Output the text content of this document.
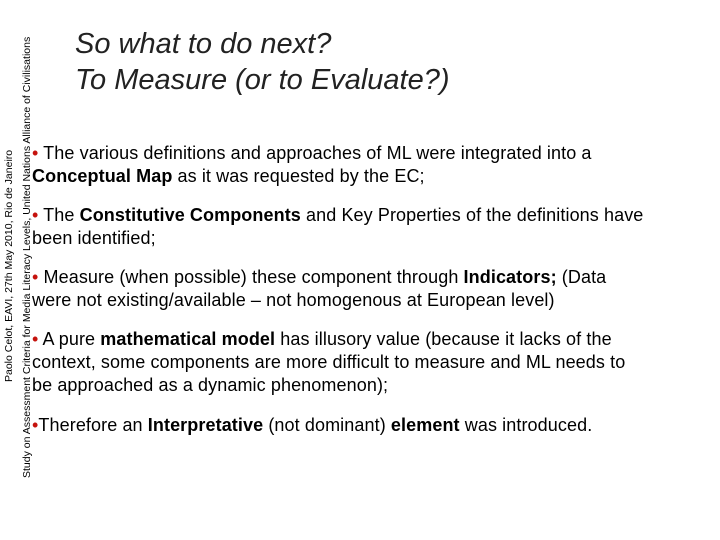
Paolo Celot, EAVI, 27th May 2010, Rio de Janeiro Study on Assessment Criteria for Media Literacy Levels, United Nations Alliance of Civilisations So what to do next?
To Measure (or to Evaluate?)
• The various definitions and approaches of ML were integrated into a Conceptual Map as it was requested by the EC;
• The Constitutive Components and Key Properties of the definitions have been identified;
• Measure (when possible) these component through Indicators; (Data were not existing/available – not homogenous at European level)
• A pure mathematical model has illusory value (because it lacks of the context, some components are more difficult to measure and ML needs to be approached as a dynamic phenomenon);
•Therefore an Interpretative (not dominant) element was introduced.
